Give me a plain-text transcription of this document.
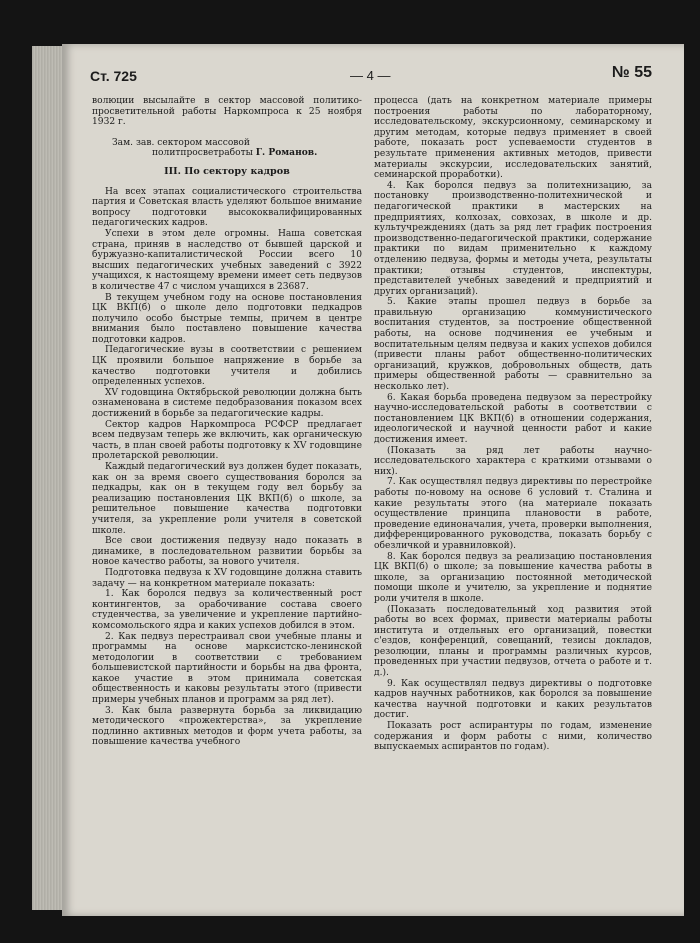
Ст. 725	— 4 —	№ 55

волюции высылайте в сектор массовой политико-просветительной работы Наркомпроса к 25 ноября 1932 г.

Зам. зав. сектором массовой

политпросветработы Г. Романов.

III. По сектору кадров

На всех этапах социалистического строительства партия и Советская власть уделяют большое внимание вопросу подготовки высококвалифицированных педагогических кадров.

Успехи в этом деле огромны. Наша советская страна, приняв в наследство от бывшей царской и буржуазно-капиталистической России всего 10 высших педагогических учебных заведений с 3922 учащихся, к настоящему времени имеет сеть педвузов в количестве 47 с числом учащихся в 23687.

В текущем учебном году на основе постановления ЦК ВКП(б) о школе дело подготовки педкадров получило особо быстрые темпы, причем в центре внимания было поставлено повышение качества подготовки кадров.

Педагогические вузы в соответствии с решением ЦК проявили большое напряжение в борьбе за качество подготовки учителя и добились определенных успехов.

XV годовщина Октябрьской революции должна быть ознаменована в системе педобразования показом всех достижений в борьбе за педагогические кадры.

Сектор кадров Наркомпроса РСФСР предлагает всем педвузам теперь же включить, как органическую часть, в план своей работы подготовку к XV годовщине пролетарской революции.

Каждый педагогический вуз должен будет показать, как он за время своего существования боролся за педкадры, как он в текущем году вел борьбу за реализацию постановления ЦК ВКП(б) о школе, за решительное повышение качества подготовки учителя, за укрепление роли учителя в советской школе.

Все свои достижения педвузу надо показать в динамике, в последовательном развитии борьбы за новое качество работы, за нового учителя.

Подготовка педвуза к XV годовщине должна ставить задачу — на конкретном материале показать:

1. Как боролся педвуз за количественный рост контингентов, за орабочивание состава своего студенчества, за увеличение и укрепление партийно-комсомольского ядра и каких успехов добился в этом.

2. Как педвуз перестраивал свои учебные планы и программы на основе марксистско-ленинской методологии в соответствии с требованием большевистской партийности и борьбы на два фронта, какое участие в этом принимала советская общественность и каковы результаты этого (привести примеры учебных планов и программ за ряд лет).

3. Как была развернута борьба за ликвидацию методического «прожектерства», за укрепление подлинно активных методов и форм учета работы, за повышение качества учебного

процесса (дать на конкретном материале примеры построения работы по лабораторному, исследовательскому, экскурсионному, семинарскому и другим методам, которые педвуз применяет в своей работе, показать рост успеваемости студентов в результате применения активных методов, привести материалы экскурсии, исследовательских занятий, семинарской проработки).

4. Как боролся педвуз за политехнизацию, за постановку производственно-политехнической и педагогической практики в мастерских на предприятиях, колхозах, совхозах, в школе и др. культучреждениях (дать за ряд лет график построения производственно-педагогической практики, содержание практики по видам применительно к каждому отделению педвуза, формы и методы учета, результаты практики; отзывы студентов, инспектуры, представителей учебных заведений и предприятий и других организаций).

5. Какие этапы прошел педвуз в борьбе за правильную организацию коммунистического воспитания студентов, за построение общественной работы, на основе подчинения ее учебным и воспитательным целям педвуза и каких успехов добился (привести планы работ общественно-политических организаций, кружков, добровольных обществ, дать примеры общественной работы — сравнительно за несколько лет).

6. Какая борьба проведена педвузом за перестройку научно-исследовательской работы в соответствии с постановлением ЦК ВКП(б) в отношении содержания, идеологической и научной ценности работ и какие достижения имеет.

(Показать за ряд лет работы научно-исследовательского характера с краткими отзывами о них).

7. Как осуществлял педвуз директивы по перестройке работы по-новому на основе 6 условий т. Сталина и какие результаты этого (на материале показать осуществление принципа плановости в работе, проведение единоначалия, учета, проверки выполнения, дифференцированного руководства, показать борьбу с обезличкой и уравниловкой).

8. Как боролся педвуз за реализацию постановления ЦК ВКП(б) о школе; за повышение качества работы в школе, за организацию постоянной методической помощи школе и учителю, за укрепление и поднятие роли учителя в школе.

(Показать последовательный ход развития этой работы во всех формах, привести материалы работы института и отдельных его организаций, повестки с'ездов, конференций, совещаний, тезисы докладов, резолюции, планы и программы различных курсов, проведенных при участии педвузов, отчета о работе и т. д.).

9. Как осуществлял педвуз директивы о подготовке кадров научных работников, как боролся за повышение качества научной подготовки и каких результатов достиг.

Показать рост аспирантуры по годам, изменение содержания и форм работы с ними, количество выпускаемых аспирантов по годам).
